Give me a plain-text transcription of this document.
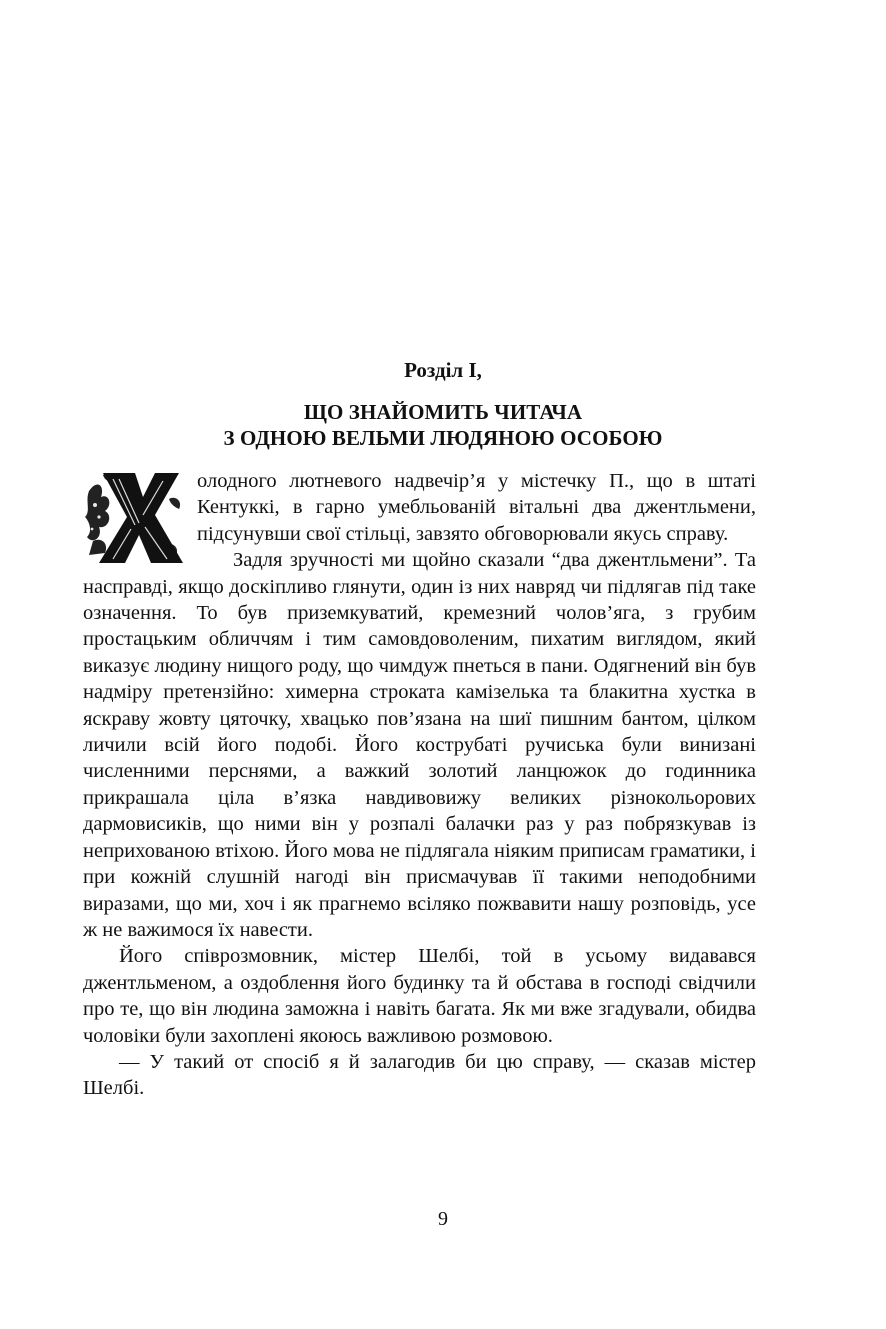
Розділ I,
ЩО ЗНАЙОМИТЬ ЧИТАЧА
З ОДНОЮ ВЕЛЬМИ ЛЮДЯНОЮ ОСОБОЮ

олодного лютневого надвечір’я у містечку П., що в штаті Кентуккі, в гарно умебльованій вітальні два джентльмени, підсунувши свої стільці, завзято обговорювали якусь справу.

Задля зручності ми щойно сказали “два джентльмени”. Та насправді, якщо доскіпливо глянути, один із них навряд чи підлягав під таке означення. То був приземкуватий, кремезний чолов’яга, з грубим простацьким обличчям і тим самовдоволеним, пихатим виглядом, який виказує людину нищого роду, що чимдуж пнеться в пани. Одягнений він був надміру претензійно: химерна строката камізелька та блакитна хустка в яскраву жовту цяточку, хвацько пов’язана на шиї пишним бантом, цілком личили всій його подобі. Його кострубаті ручиська були винизані численними перснями, а важкий золотий ланцюжок до годинника прикрашала ціла в’язка навдивовижу великих різнокольорових дармовисиків, що ними він у розпалі балачки раз у раз побрязкував із неприхованою втіхою. Його мова не підлягала ніяким приписам граматики, і при кожній слушній нагоді він присмачував її такими неподобними виразами, що ми, хоч і як прагнемо всіляко пожвавити нашу розповідь, усе ж не важимося їх навести.

Його співрозмовник, містер Шелбі, той в усьому видавався джентльменом, а оздоблення його будинку та й обстава в господі свідчили про те, що він людина заможна і навіть багата. Як ми вже згадували, обидва чоловіки були захоплені якоюсь важливою розмовою.

— У такий от спосіб я й залагодив би цю справу, — сказав містер Шелбі.

9
